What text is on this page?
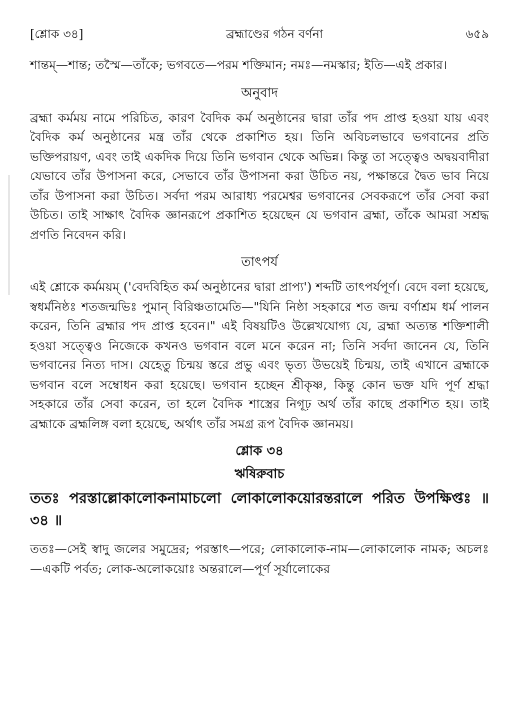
[শ্লোক ৩৪]	ব্রহ্মাণ্ডের গঠন বর্ণনা	৬৫৯

শান্তম্—শান্ত; তস্মৈ—তাঁকে; ভগবতে—পরম শক্তিমান; নমঃ—নমস্কার; ইতি—এই প্রকার।

অনুবাদ

ব্রহ্মা কর্মময় নামে পরিচিত, কারণ বৈদিক কর্ম অনুষ্ঠানের দ্বারা তাঁর পদ প্রাপ্ত হওয়া যায় এবং বৈদিক কর্ম অনুষ্ঠানের মন্ত্র তাঁর থেকে প্রকাশিত হয়। তিনি অবিচলভাবে ভগবানের প্রতি ভক্তিপরায়ণ, এবং তাই একদিক দিয়ে তিনি ভগবান থেকে অভিন্ন। কিন্তু তা সত্ত্বেও অদ্বয়বাদীরা যেভাবে তাঁর উপাসনা করে, সেভাবে তাঁর উপাসনা করা উচিত নয়, পক্ষান্তরে দ্বৈত ভাব নিয়ে তাঁর উপাসনা করা উচিত। সর্বদা পরম আরাধ্য পরমেশ্বর ভগবানের সেবকরূপে তাঁর সেবা করা উচিত। তাই সাক্ষাৎ বৈদিক জ্ঞানরূপে প্রকাশিত হয়েছেন যে ভগবান ব্রহ্মা, তাঁকে আমরা সশ্রদ্ধ প্রণতি নিবেদন করি।

তাৎপর্য

এই শ্লোকে কর্মময়ম্ ('বেদবিহিত কর্ম অনুষ্ঠানের দ্বারা প্রাপ্য') শব্দটি তাৎপর্যপূর্ণ। বেদে বলা হয়েছে, স্বধর্মনিষ্ঠঃ শতজন্মভিঃ পুমান্ বিরিঞ্চতামেতি—"যিনি নিষ্ঠা সহকারে শত জন্ম বর্ণাশ্রম ধর্ম পালন করেন, তিনি ব্রহ্মার পদ প্রাপ্ত হবেন।" এই বিষয়টিও উল্লেখযোগ্য যে, ব্রহ্মা অত্যন্ত শক্তিশালী হওয়া সত্ত্বেও নিজেকে কখনও ভগবান বলে মনে করেন না; তিনি সর্বদা জানেন যে, তিনি ভগবানের নিত্য দাস। যেহেতু চিন্ময় স্তরে প্রভু এবং ভৃত্য উভয়েই চিন্ময়, তাই এখানে ব্রহ্মাকে ভগবান বলে সম্বোধন করা হয়েছে। ভগবান হচ্ছেন শ্রীকৃষ্ণ, কিন্তু কোন ভক্ত যদি পূর্ণ শ্রদ্ধা সহকারে তাঁর সেবা করেন, তা হলে বৈদিক শাস্ত্রের নিগূঢ় অর্থ তাঁর কাছে প্রকাশিত হয়। তাই ব্রহ্মাকে ব্রহ্মলিঙ্গ বলা হয়েছে, অর্থাৎ তাঁর সমগ্র রূপ বৈদিক জ্ঞানময়।

শ্লোক ৩৪
ঋষিরুবাচ
ততঃ পরস্তাল্লোকালোকনামাচলো লোকালোকয়োরন্তরালে পরিত উপক্ষিপ্তঃ ॥ ৩৪ ॥

ততঃ—সেই স্বাদু জলের সমুদ্রের; পরস্তাৎ—পরে; লোকালোক-নাম—লোকালোক নামক; অচলঃ—একটি পর্বত; লোক-অলোকয়োঃ অন্তরালে—পূর্ণ সূর্যালোকের
